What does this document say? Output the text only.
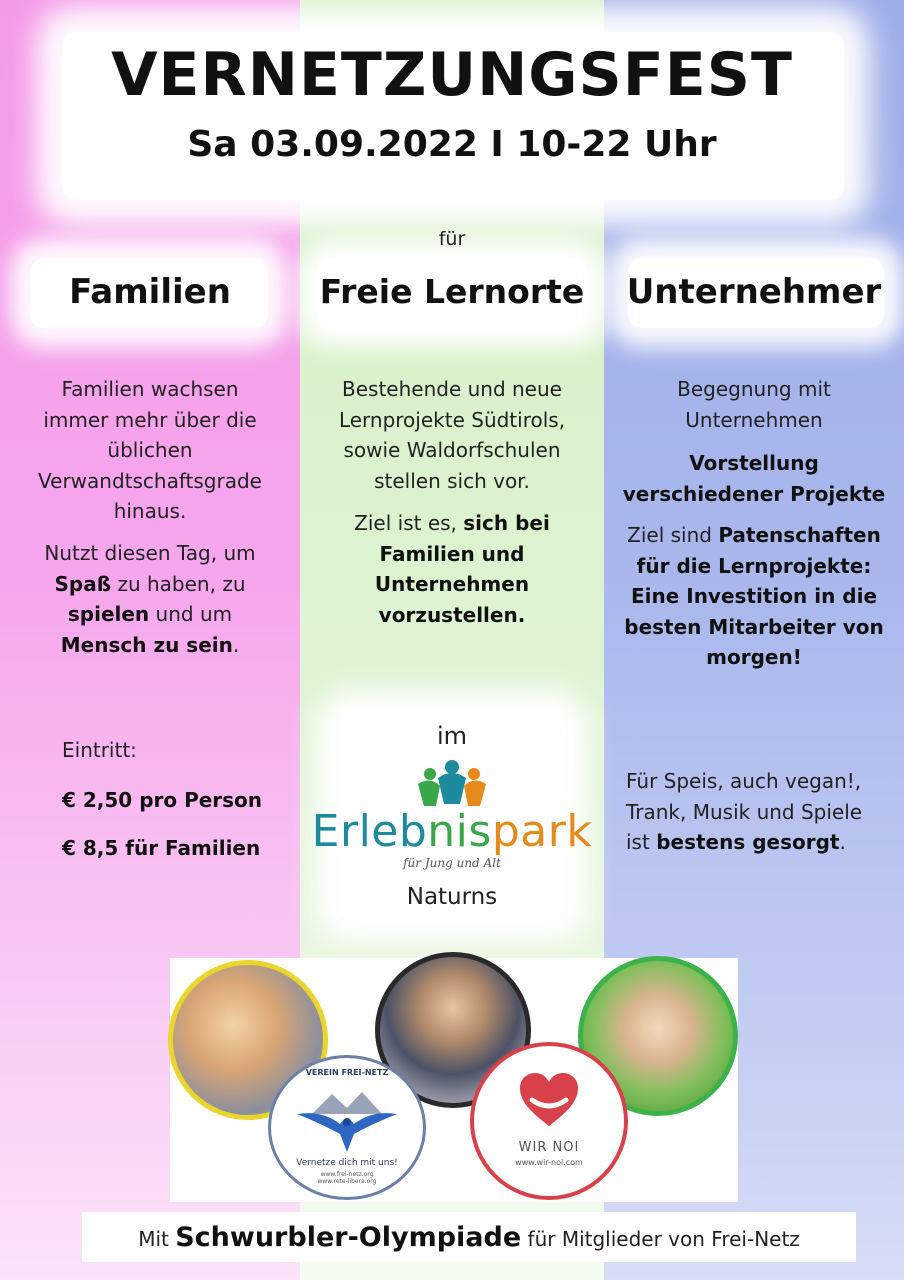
VERNETZUNGSFEST
Sa 03.09.2022 I 10-22 Uhr
für
Familien	Freie Lernorte	Unternehmer
Familien wachsen
immer mehr über die
üblichen
Verwandtschaftsgrade
hinaus.
Nutzt diesen Tag, um
Spaß zu haben, zu
spielen und um
Mensch zu sein.
Bestehende und neue
Lernprojekte Südtirols,
sowie Waldorfschulen
stellen sich vor.
Ziel ist es, sich bei
Familien und
Unternehmen
vorzustellen.
Begegnung mit
Unternehmen
Vorstellung
verschiedener Projekte
Ziel sind Patenschaften
für die Lernprojekte:
Eine Investition in die
besten Mitarbeiter von
morgen!
Eintritt:
€ 2,50 pro Person
€ 8,5 für Familien
im
Erlebnispark
für Jung und Alt
Naturns
Für Speis, auch vegan!,
Trank, Musik und Spiele
ist bestens gesorgt.
VEREIN FREI-NETZ
Vernetze dich mit uns!
www.frei-netz.org
www.rete-libera.org
WIR NOI
www.wir-noi.com
Mit Schwurbler-Olympiade für Mitglieder von Frei-Netz
